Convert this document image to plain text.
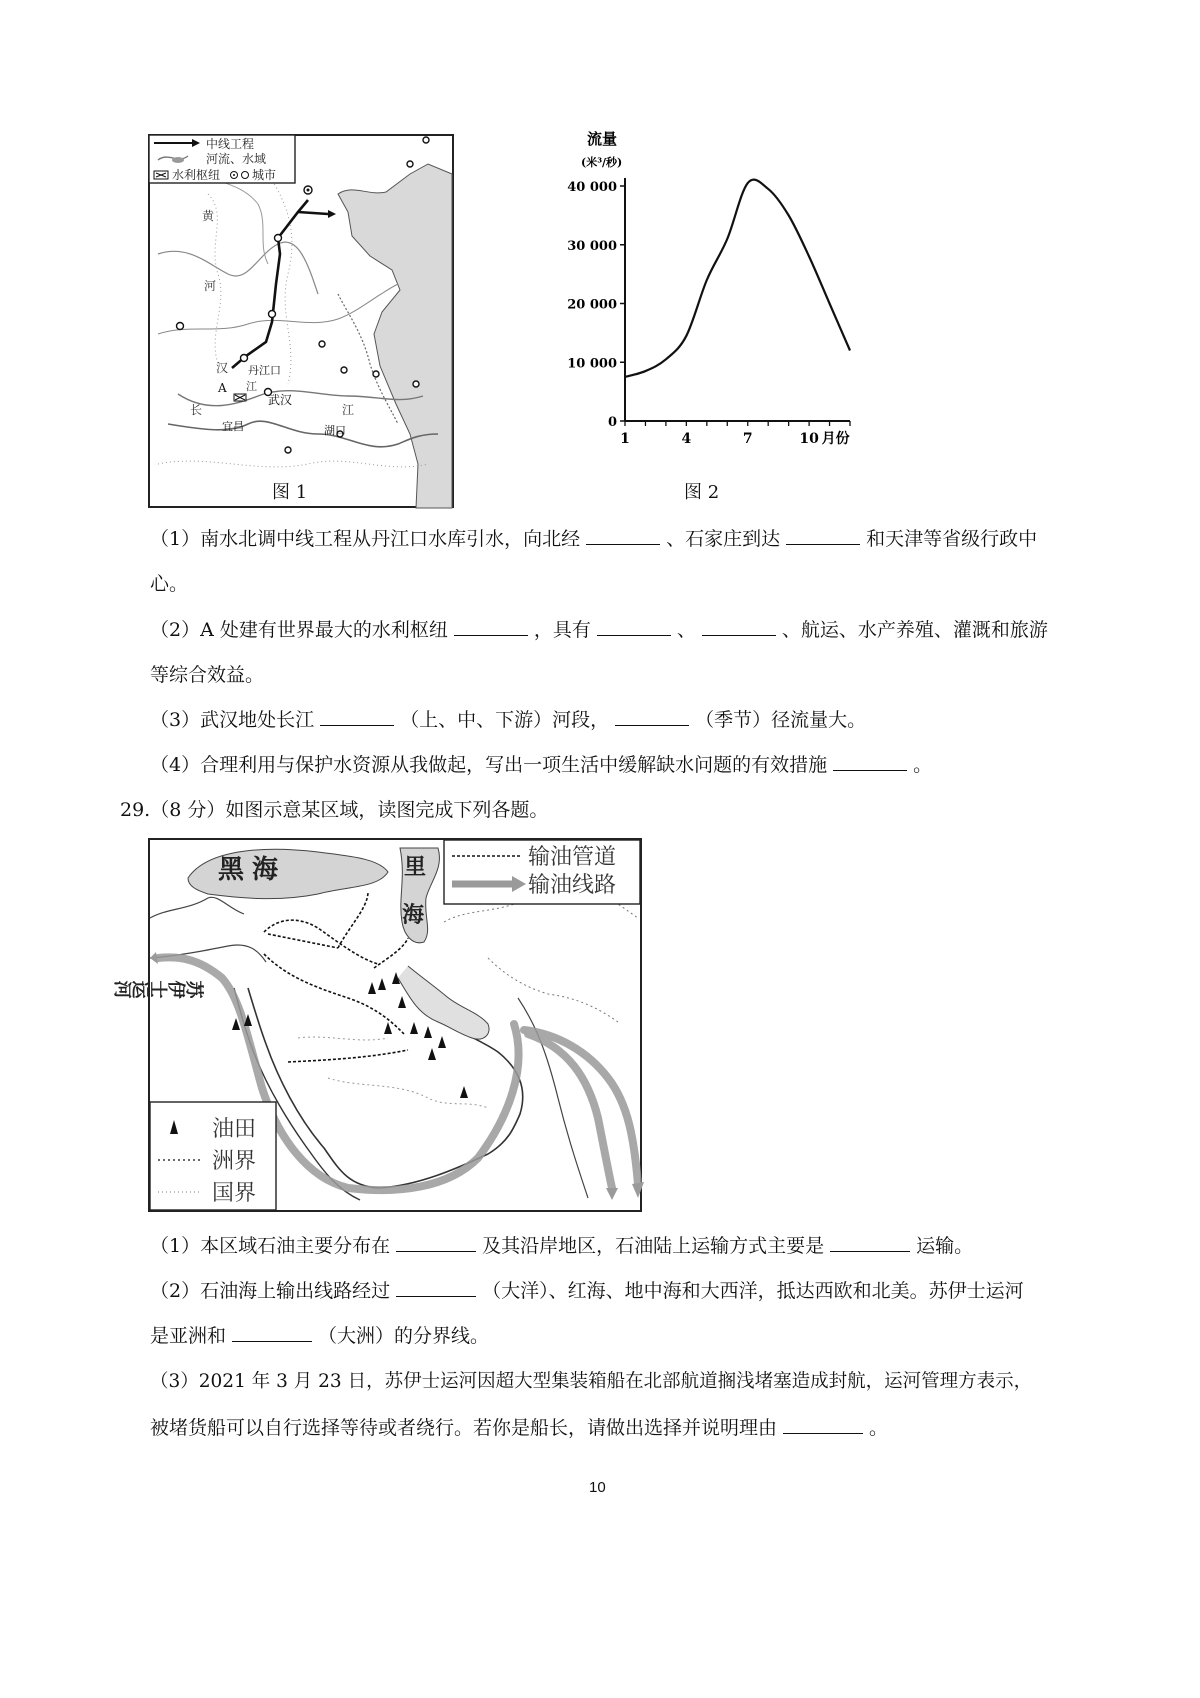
中线工程
河流、水域
水利枢纽	城市
黄
河
汉 丹江口
A 江
长
宜昌
武汉
江
湖口
图 1
流量
(米³/秒)
0
10 000
20 000
30 000
40 000
1	4	7	10 月份
图 2
（1）南水北调中线工程从丹江口水库引水，向北经	、石家庄到达	和天津等省级行政中
心。
（2）A 处建有世界最大的水利枢纽	，具有	、	、航运、水产养殖、灌溉和旅游
等综合效益。
（3）武汉地处长江	（上、中、下游）河段，	（季节）径流量大。
（4）合理利用与保护水资源从我做起，写出一项生活中缓解缺水问题的有效措施	。
29.（8 分）如图示意某区域，读图完成下列各题。
黑 海	里
海
输油管道
输油线路
苏伊士运河
油田
洲界
国界
（1）本区域石油主要分布在	及其沿岸地区，石油陆上运输方式主要是	运输。
（2）石油海上输出线路经过	（大洋）、红海、地中海和大西洋，抵达西欧和北美。苏伊士运河
是亚洲和	（大洲）的分界线。
（3）2021 年 3 月 23 日，苏伊士运河因超大型集装箱船在北部航道搁浅堵塞造成封航，运河管理方表示，
被堵货船可以自行选择等待或者绕行。若你是船长，请做出选择并说明理由	。
10
